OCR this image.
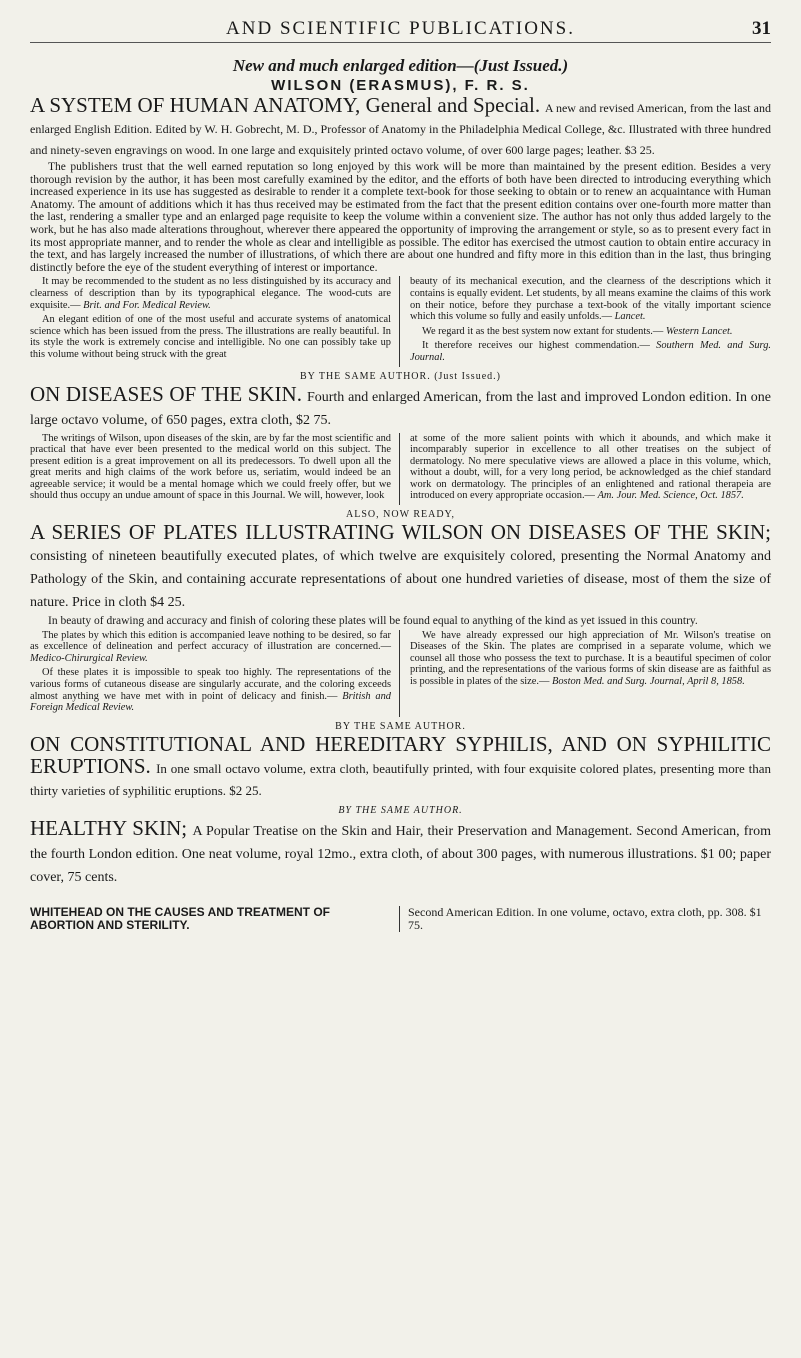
AND SCIENTIFIC PUBLICATIONS.	31
New and much enlarged edition—(Just Issued.)
WILSON (ERASMUS), F. R. S.
A SYSTEM OF HUMAN ANATOMY, General and Special. A new and revised American, from the last and enlarged English Edition. Edited by W. H. Gobrecht, M. D., Professor of Anatomy in the Philadelphia Medical College, &c. Illustrated with three hundred and ninety-seven engravings on wood. In one large and exquisitely printed octavo volume, of over 600 large pages; leather. $3 25.

The publishers trust that the well earned reputation so long enjoyed by this work will be more than maintained by the present edition. Besides a very thorough revision by the author, it has been most carefully examined by the editor, and the efforts of both have been directed to introducing everything which increased experience in its use has suggested as desirable to render it a complete text-book for those seeking to obtain or to renew an acquaintance with Human Anatomy. The amount of additions which it has thus received may be estimated from the fact that the present edition contains over one-fourth more matter than the last, rendering a smaller type and an enlarged page requisite to keep the volume within a convenient size. The author has not only thus added largely to the work, but he has also made alterations throughout, wherever there appeared the opportunity of improving the arrangement or style, so as to present every fact in its most appropriate manner, and to render the whole as clear and intelligible as possible. The editor has exercised the utmost caution to obtain entire accuracy in the text, and has largely increased the number of illustrations, of which there are about one hundred and fifty more in this edition than in the last, thus bringing distinctly before the eye of the student everything of interest or importance.

It may be recommended to the student as no less distinguished by its accuracy and clearness of description than by its typographical elegance. The wood-cuts are exquisite.— Brit. and For. Medical Review.

An elegant edition of one of the most useful and accurate systems of anatomical science which has been issued from the press. The illustrations are really beautiful. In its style the work is extremely concise and intelligible. No one can possibly take up this volume without being struck with the great

beauty of its mechanical execution, and the clearness of the descriptions which it contains is equally evident. Let students, by all means examine the claims of this work on their notice, before they purchase a text-book of the vitally important science which this volume so fully and easily unfolds.— Lancet.

We regard it as the best system now extant for students.— Western Lancet.

It therefore receives our highest commendation.— Southern Med. and Surg. Journal.

BY THE SAME AUTHOR. (Just Issued.)
ON DISEASES OF THE SKIN. Fourth and enlarged American, from the last and improved London edition. In one large octavo volume, of 650 pages, extra cloth, $2 75.

The writings of Wilson, upon diseases of the skin, are by far the most scientific and practical that have ever been presented to the medical world on this subject. The present edition is a great improvement on all its predecessors. To dwell upon all the great merits and high claims of the work before us, seriatim, would indeed be an agreeable service; it would be a mental homage which we could freely offer, but we should thus occupy an undue amount of space in this Journal. We will, however, look

at some of the more salient points with which it abounds, and which make it incomparably superior in excellence to all other treatises on the subject of dermatology. No mere speculative views are allowed a place in this volume, which, without a doubt, will, for a very long period, be acknowledged as the chief standard work on dermatology. The principles of an enlightened and rational therapeia are introduced on every appropriate occasion.— Am. Jour. Med. Science, Oct. 1857.

ALSO, NOW READY,
A SERIES OF PLATES ILLUSTRATING WILSON ON DISEASES OF THE SKIN; consisting of nineteen beautifully executed plates, of which twelve are exquisitely colored, presenting the Normal Anatomy and Pathology of the Skin, and containing accurate representations of about one hundred varieties of disease, most of them the size of nature. Price in cloth $4 25.

In beauty of drawing and accuracy and finish of coloring these plates will be found equal to anything of the kind as yet issued in this country.

The plates by which this edition is accompanied leave nothing to be desired, so far as excellence of delineation and perfect accuracy of illustration are concerned.— Medico-Chirurgical Review.

Of these plates it is impossible to speak too highly. The representations of the various forms of cutaneous disease are singularly accurate, and the coloring exceeds almost anything we have met with in point of delicacy and finish.— British and Foreign Medical Review.

We have already expressed our high appreciation of Mr. Wilson's treatise on Diseases of the Skin. The plates are comprised in a separate volume, which we counsel all those who possess the text to purchase. It is a beautiful specimen of color printing, and the representations of the various forms of skin disease are as faithful as is possible in plates of the size.— Boston Med. and Surg. Journal, April 8, 1858.

BY THE SAME AUTHOR.
ON CONSTITUTIONAL AND HEREDITARY SYPHILIS, AND ON SYPHILITIC ERUPTIONS. In one small octavo volume, extra cloth, beautifully printed, with four exquisite colored plates, presenting more than thirty varieties of syphilitic eruptions. $2 25.
BY THE SAME AUTHOR.
HEALTHY SKIN; A Popular Treatise on the Skin and Hair, their Preservation and Management. Second American, from the fourth London edition. One neat volume, royal 12mo., extra cloth, of about 300 pages, with numerous illustrations. $1 00; paper cover, 75 cents.
WHITEHEAD ON THE CAUSES AND TREATMENT OF ABORTION AND STERILITY.
Second American Edition. In one volume, octavo, extra cloth, pp. 308. $1 75.
